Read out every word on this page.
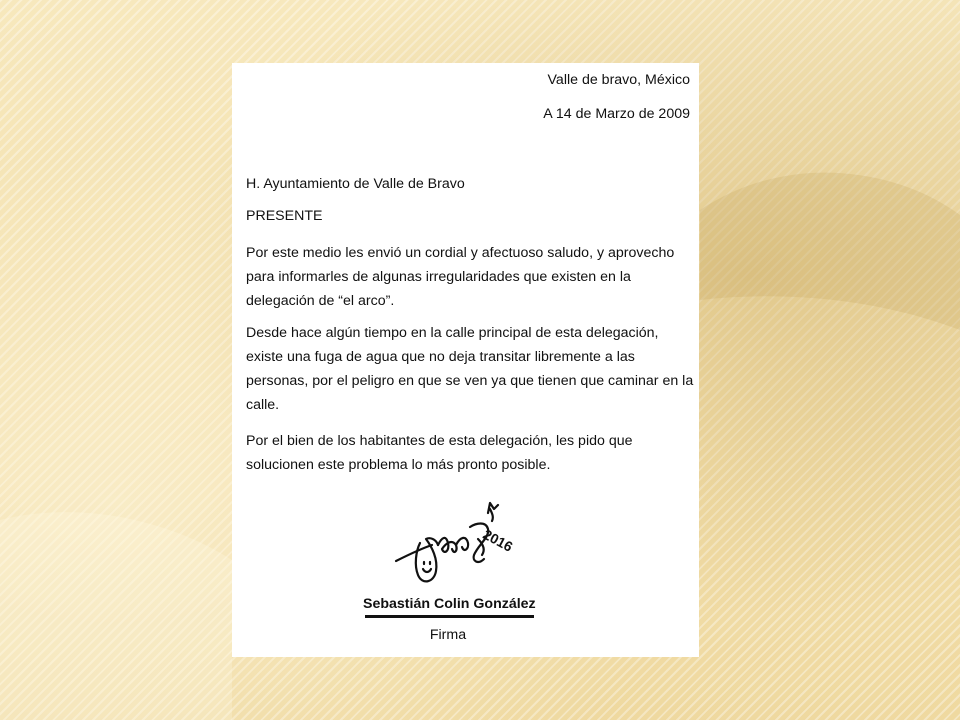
Valle de bravo, México
A 14 de Marzo de 2009
H. Ayuntamiento de Valle de Bravo
PRESENTE

Por este medio les envió un cordial y afectuoso saludo, y aprovecho para informarles de algunas irregularidades que existen en la delegación de “el arco”.

Desde hace algún tiempo en la calle principal de esta delegación, existe una fuga de agua que no deja transitar libremente a las personas, por el peligro en que se ven ya que tienen que caminar en la calle.

Por el bien de los habitantes de esta delegación, les pido que solucionen este problema lo más pronto posible.

2016
Sebastián Colin González
Firma
